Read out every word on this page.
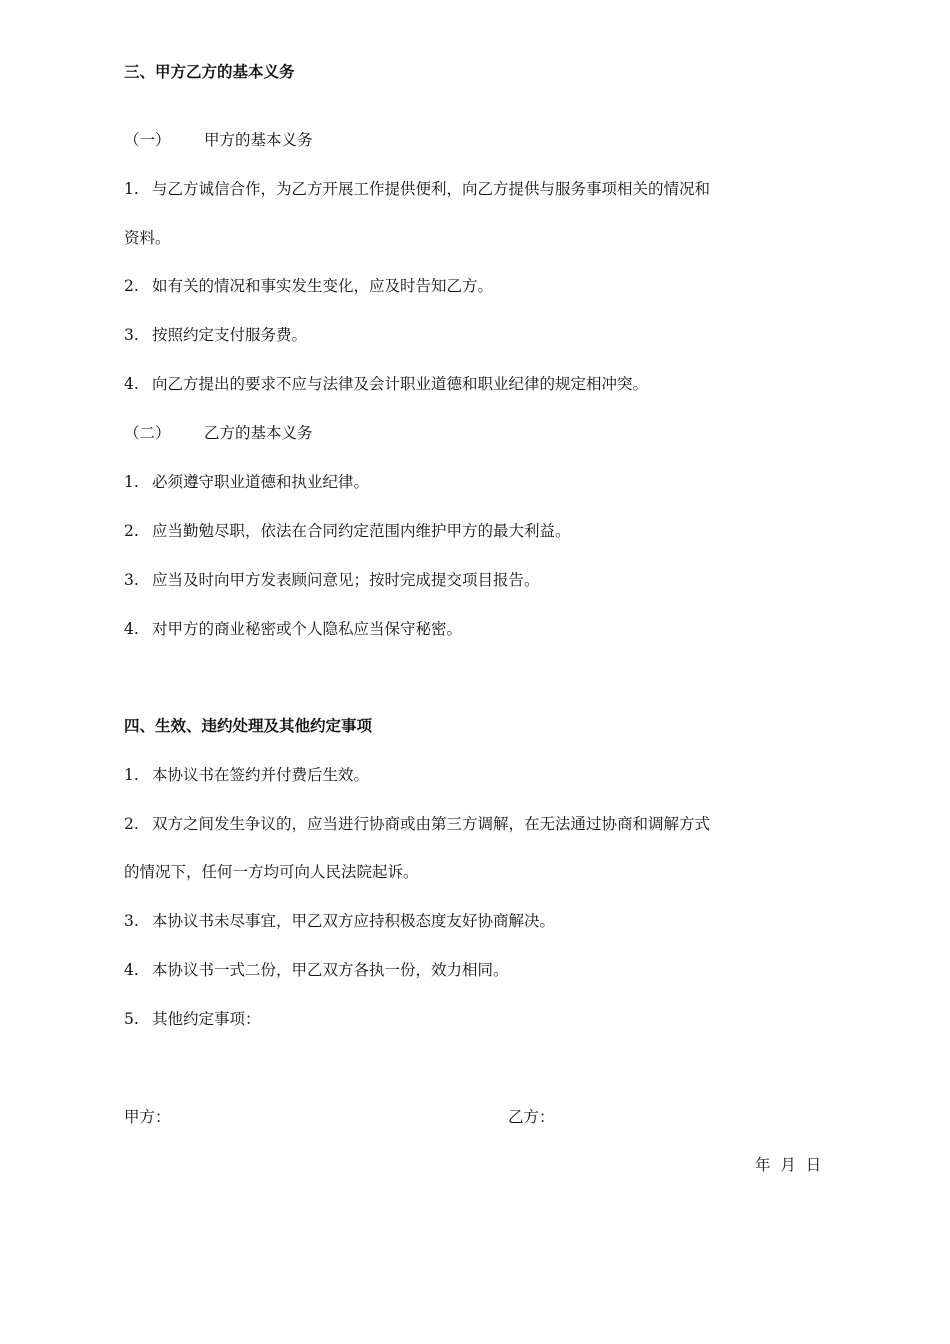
三、甲方乙方的基本义务
（一） 甲方的基本义务
1. 与乙方诚信合作，为乙方开展工作提供便利，向乙方提供与服务事项相关的情况和
资料。
2. 如有关的情况和事实发生变化，应及时告知乙方。
3. 按照约定支付服务费。
4. 向乙方提出的要求不应与法律及会计职业道德和职业纪律的规定相冲突。
（二） 乙方的基本义务
1. 必须遵守职业道德和执业纪律。
2. 应当勤勉尽职，依法在合同约定范围内维护甲方的最大利益。
3. 应当及时向甲方发表顾问意见；按时完成提交项目报告。
4. 对甲方的商业秘密或个人隐私应当保守秘密。
四、生效、违约处理及其他约定事项
1. 本协议书在签约并付费后生效。
2. 双方之间发生争议的，应当进行协商或由第三方调解，在无法通过协商和调解方式
的情况下，任何一方均可向人民法院起诉。
3. 本协议书未尽事宜，甲乙双方应持积极态度友好协商解决。
4. 本协议书一式二份，甲乙双方各执一份，效力相同。
5. 其他约定事项：
甲方：	乙方：
年  月  日
